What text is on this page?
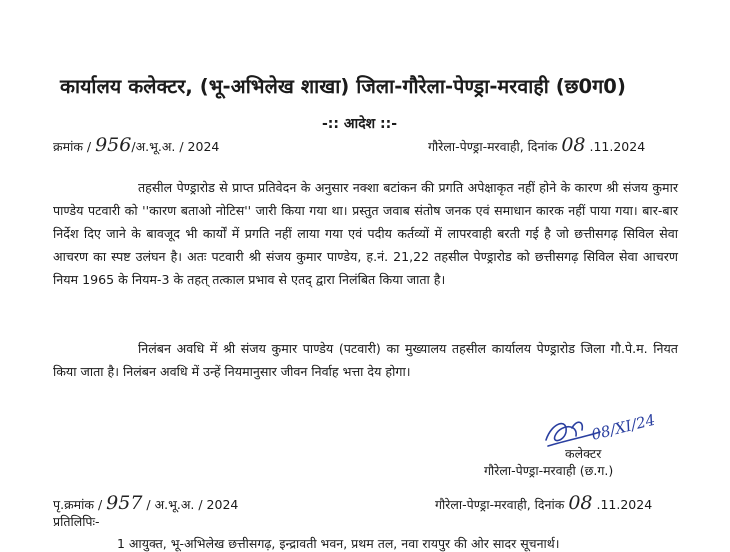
कार्यालय कलेक्टर, (भू-अभिलेख शाखा) जिला-गौरेला-पेण्ड्रा-मरवाही (छ0ग0)
-:: आदेश ::-
क्रमांक / 956/अ.भू.अ. / 2024	गौरेला-पेण्ड्रा-मरवाही, दिनांक 08 .11.2024
तहसील पेण्ड्रारोड से प्राप्त प्रतिवेदन के अनुसार नक्शा बटांकन की प्रगति अपेक्षाकृत नहीं होने के कारण श्री संजय कुमार पाण्डेय पटवारी को ''कारण बताओ नोटिस'' जारी किया गया था। प्रस्तुत जवाब संतोष जनक एवं समाधान कारक नहीं पाया गया। बार-बार निर्देश दिए जाने के बावजूद भी कार्यों में प्रगति नहीं लाया गया एवं पदीय कर्तव्यों में लापरवाही बरती गई है जो छत्तीसगढ़ सिविल सेवा आचरण का स्पष्ट उलंघन है। अतः पटवारी श्री संजय कुमार पाण्डेय, ह.नं. 21,22 तहसील पेण्ड्रारोड को छत्तीसगढ़ सिविल सेवा आचरण नियम 1965 के नियम-3 के तहत् तत्काल प्रभाव से एतद् द्वारा निलंबित किया जाता है।
निलंबन अवधि में श्री संजय कुमार पाण्डेय (पटवारी) का मुख्यालय तहसील कार्यालय पेण्ड्रारोड जिला गौ.पे.म. नियत किया जाता है। निलंबन अवधि में उन्हें नियमानुसार जीवन निर्वाह भत्ता देय होगा।
08/XI/24
कलेक्टर
गौरेला-पेण्ड्रा-मरवाही (छ.ग.)
पृ.क्रमांक / 957 / अ.भू.अ. / 2024	गौरेला-पेण्ड्रा-मरवाही, दिनांक 08 .11.2024
प्रतिलिपिः-
1 आयुक्त, भू-अभिलेख छत्तीसगढ़, इन्द्रावती भवन, प्रथम तल, नवा रायपुर की ओर सादर सूचनार्थ।
